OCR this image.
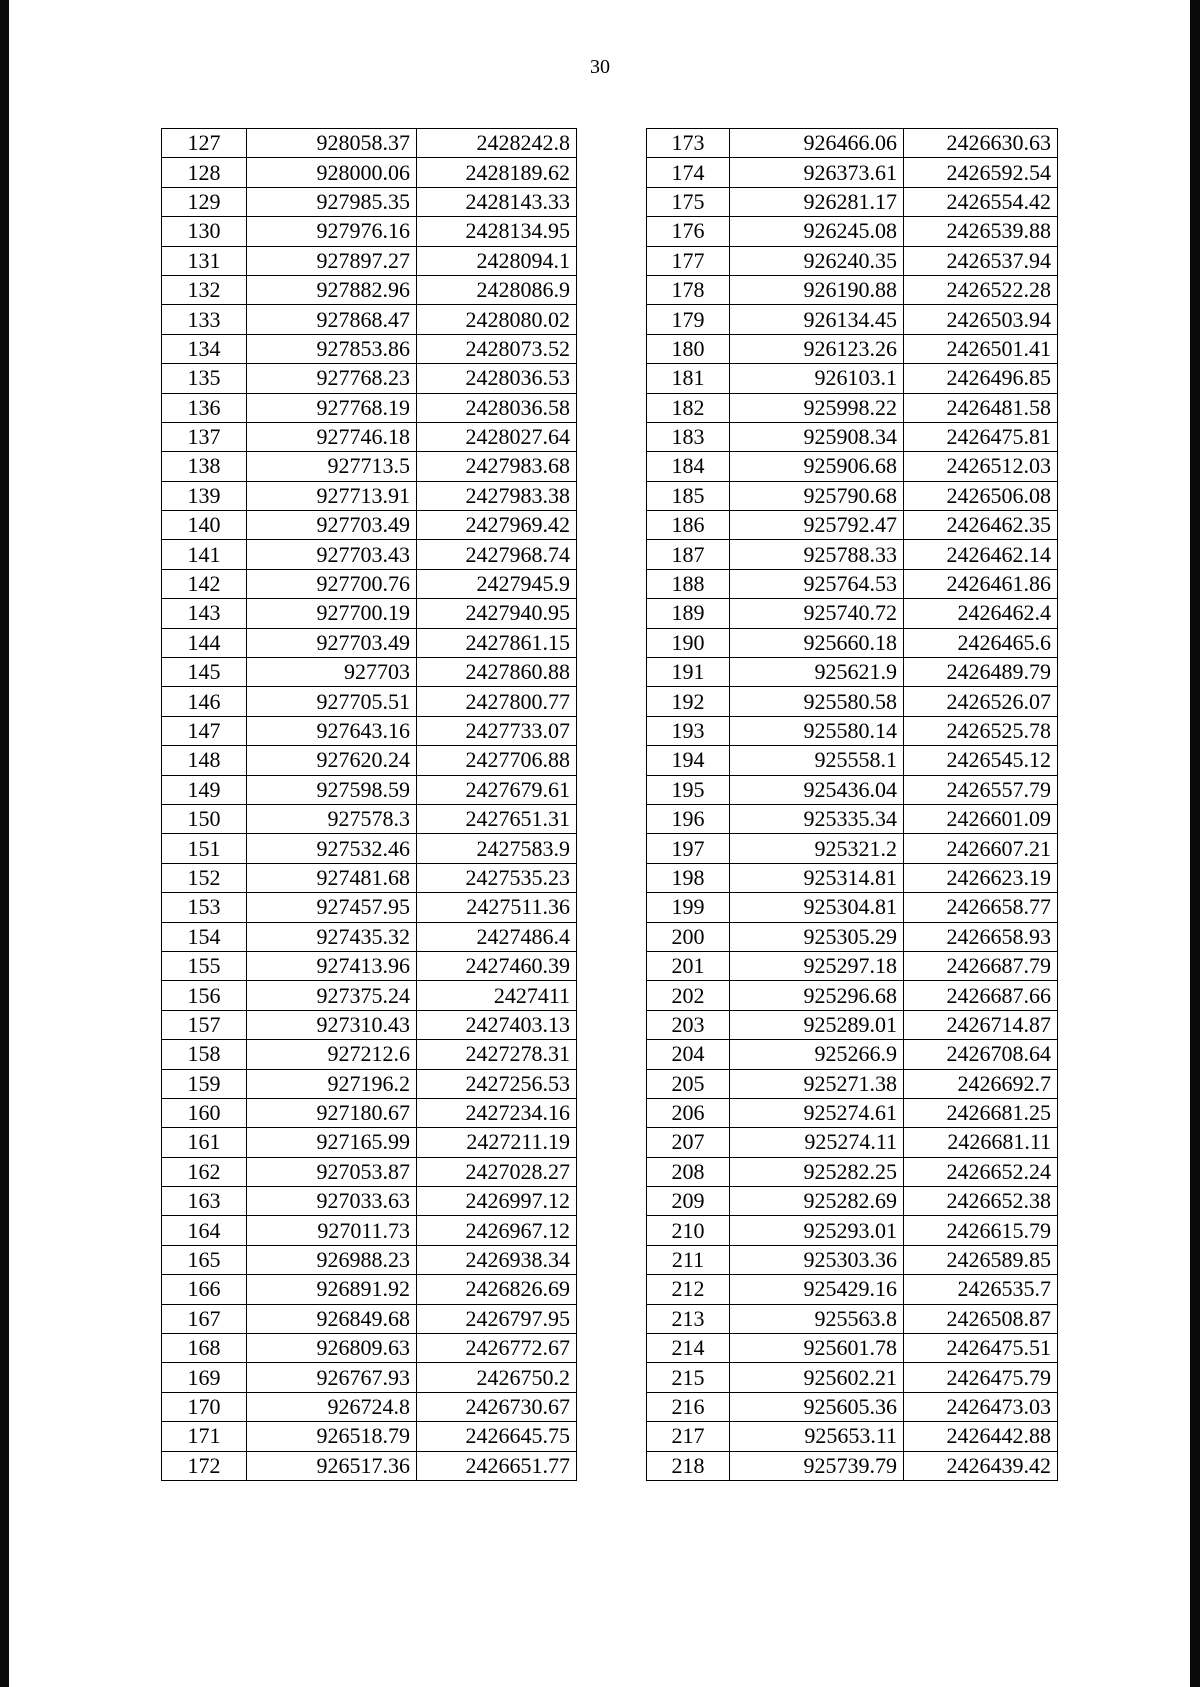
30
127	928058.37	2428242.8
128	928000.06	2428189.62
129	927985.35	2428143.33
130	927976.16	2428134.95
131	927897.27	2428094.1
132	927882.96	2428086.9
133	927868.47	2428080.02
134	927853.86	2428073.52
135	927768.23	2428036.53
136	927768.19	2428036.58
137	927746.18	2428027.64
138	927713.5	2427983.68
139	927713.91	2427983.38
140	927703.49	2427969.42
141	927703.43	2427968.74
142	927700.76	2427945.9
143	927700.19	2427940.95
144	927703.49	2427861.15
145	927703	2427860.88
146	927705.51	2427800.77
147	927643.16	2427733.07
148	927620.24	2427706.88
149	927598.59	2427679.61
150	927578.3	2427651.31
151	927532.46	2427583.9
152	927481.68	2427535.23
153	927457.95	2427511.36
154	927435.32	2427486.4
155	927413.96	2427460.39
156	927375.24	2427411
157	927310.43	2427403.13
158	927212.6	2427278.31
159	927196.2	2427256.53
160	927180.67	2427234.16
161	927165.99	2427211.19
162	927053.87	2427028.27
163	927033.63	2426997.12
164	927011.73	2426967.12
165	926988.23	2426938.34
166	926891.92	2426826.69
167	926849.68	2426797.95
168	926809.63	2426772.67
169	926767.93	2426750.2
170	926724.8	2426730.67
171	926518.79	2426645.75
172	926517.36	2426651.77
173	926466.06	2426630.63
174	926373.61	2426592.54
175	926281.17	2426554.42
176	926245.08	2426539.88
177	926240.35	2426537.94
178	926190.88	2426522.28
179	926134.45	2426503.94
180	926123.26	2426501.41
181	926103.1	2426496.85
182	925998.22	2426481.58
183	925908.34	2426475.81
184	925906.68	2426512.03
185	925790.68	2426506.08
186	925792.47	2426462.35
187	925788.33	2426462.14
188	925764.53	2426461.86
189	925740.72	2426462.4
190	925660.18	2426465.6
191	925621.9	2426489.79
192	925580.58	2426526.07
193	925580.14	2426525.78
194	925558.1	2426545.12
195	925436.04	2426557.79
196	925335.34	2426601.09
197	925321.2	2426607.21
198	925314.81	2426623.19
199	925304.81	2426658.77
200	925305.29	2426658.93
201	925297.18	2426687.79
202	925296.68	2426687.66
203	925289.01	2426714.87
204	925266.9	2426708.64
205	925271.38	2426692.7
206	925274.61	2426681.25
207	925274.11	2426681.11
208	925282.25	2426652.24
209	925282.69	2426652.38
210	925293.01	2426615.79
211	925303.36	2426589.85
212	925429.16	2426535.7
213	925563.8	2426508.87
214	925601.78	2426475.51
215	925602.21	2426475.79
216	925605.36	2426473.03
217	925653.11	2426442.88
218	925739.79	2426439.42
